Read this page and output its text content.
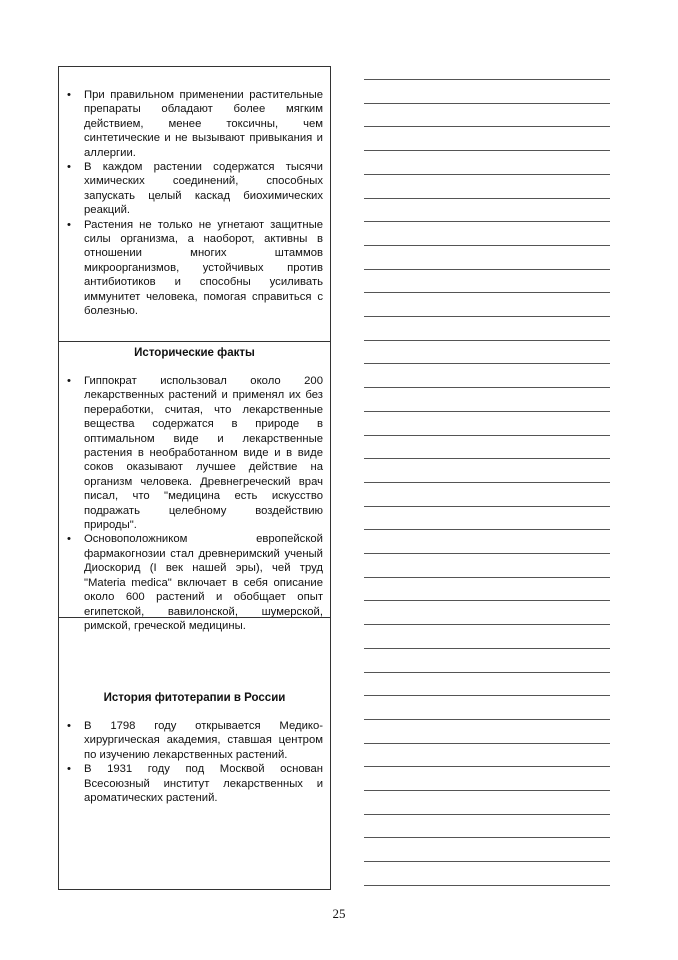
• При правильном применении растительные препараты обладают более мягким действием, менее токсичны, чем синтетические и не вызывают привыкания и аллергии.
• В каждом растении содержатся тысячи химических соединений, способных запускать целый каскад биохимических реакций.
• Растения не только не угнетают защитные силы организма, а наоборот, активны в отношении многих штаммов микроорганизмов, устойчивых против антибиотиков и способны усиливать иммунитет человека, помогая справиться с болезнью.
Исторические факты
• Гиппократ использовал около 200 лекарственных растений и применял их без переработки, считая, что лекарственные вещества содержатся в природе в оптимальном виде и лекарственные растения в необработанном виде и в виде соков оказывают лучшее действие на организм человека. Древнегреческий врач писал, что "медицина есть искусство подражать целебному воздействию природы".
• Основоположником европейской фармакогнозии стал древнеримский ученый Диоскорид (I век нашей эры), чей труд "Materia medica" включает в себя описание около 600 растений и обобщает опыт египетской, вавилонской, шумерской, римской, греческой медицины.
История фитотерапии в России
• В 1798 году открывается Медико-хирургическая академия, ставшая центром по изучению лекарственных растений.
• В 1931 году под Москвой основан Всесоюзный институт лекарственных и ароматических растений.
25
